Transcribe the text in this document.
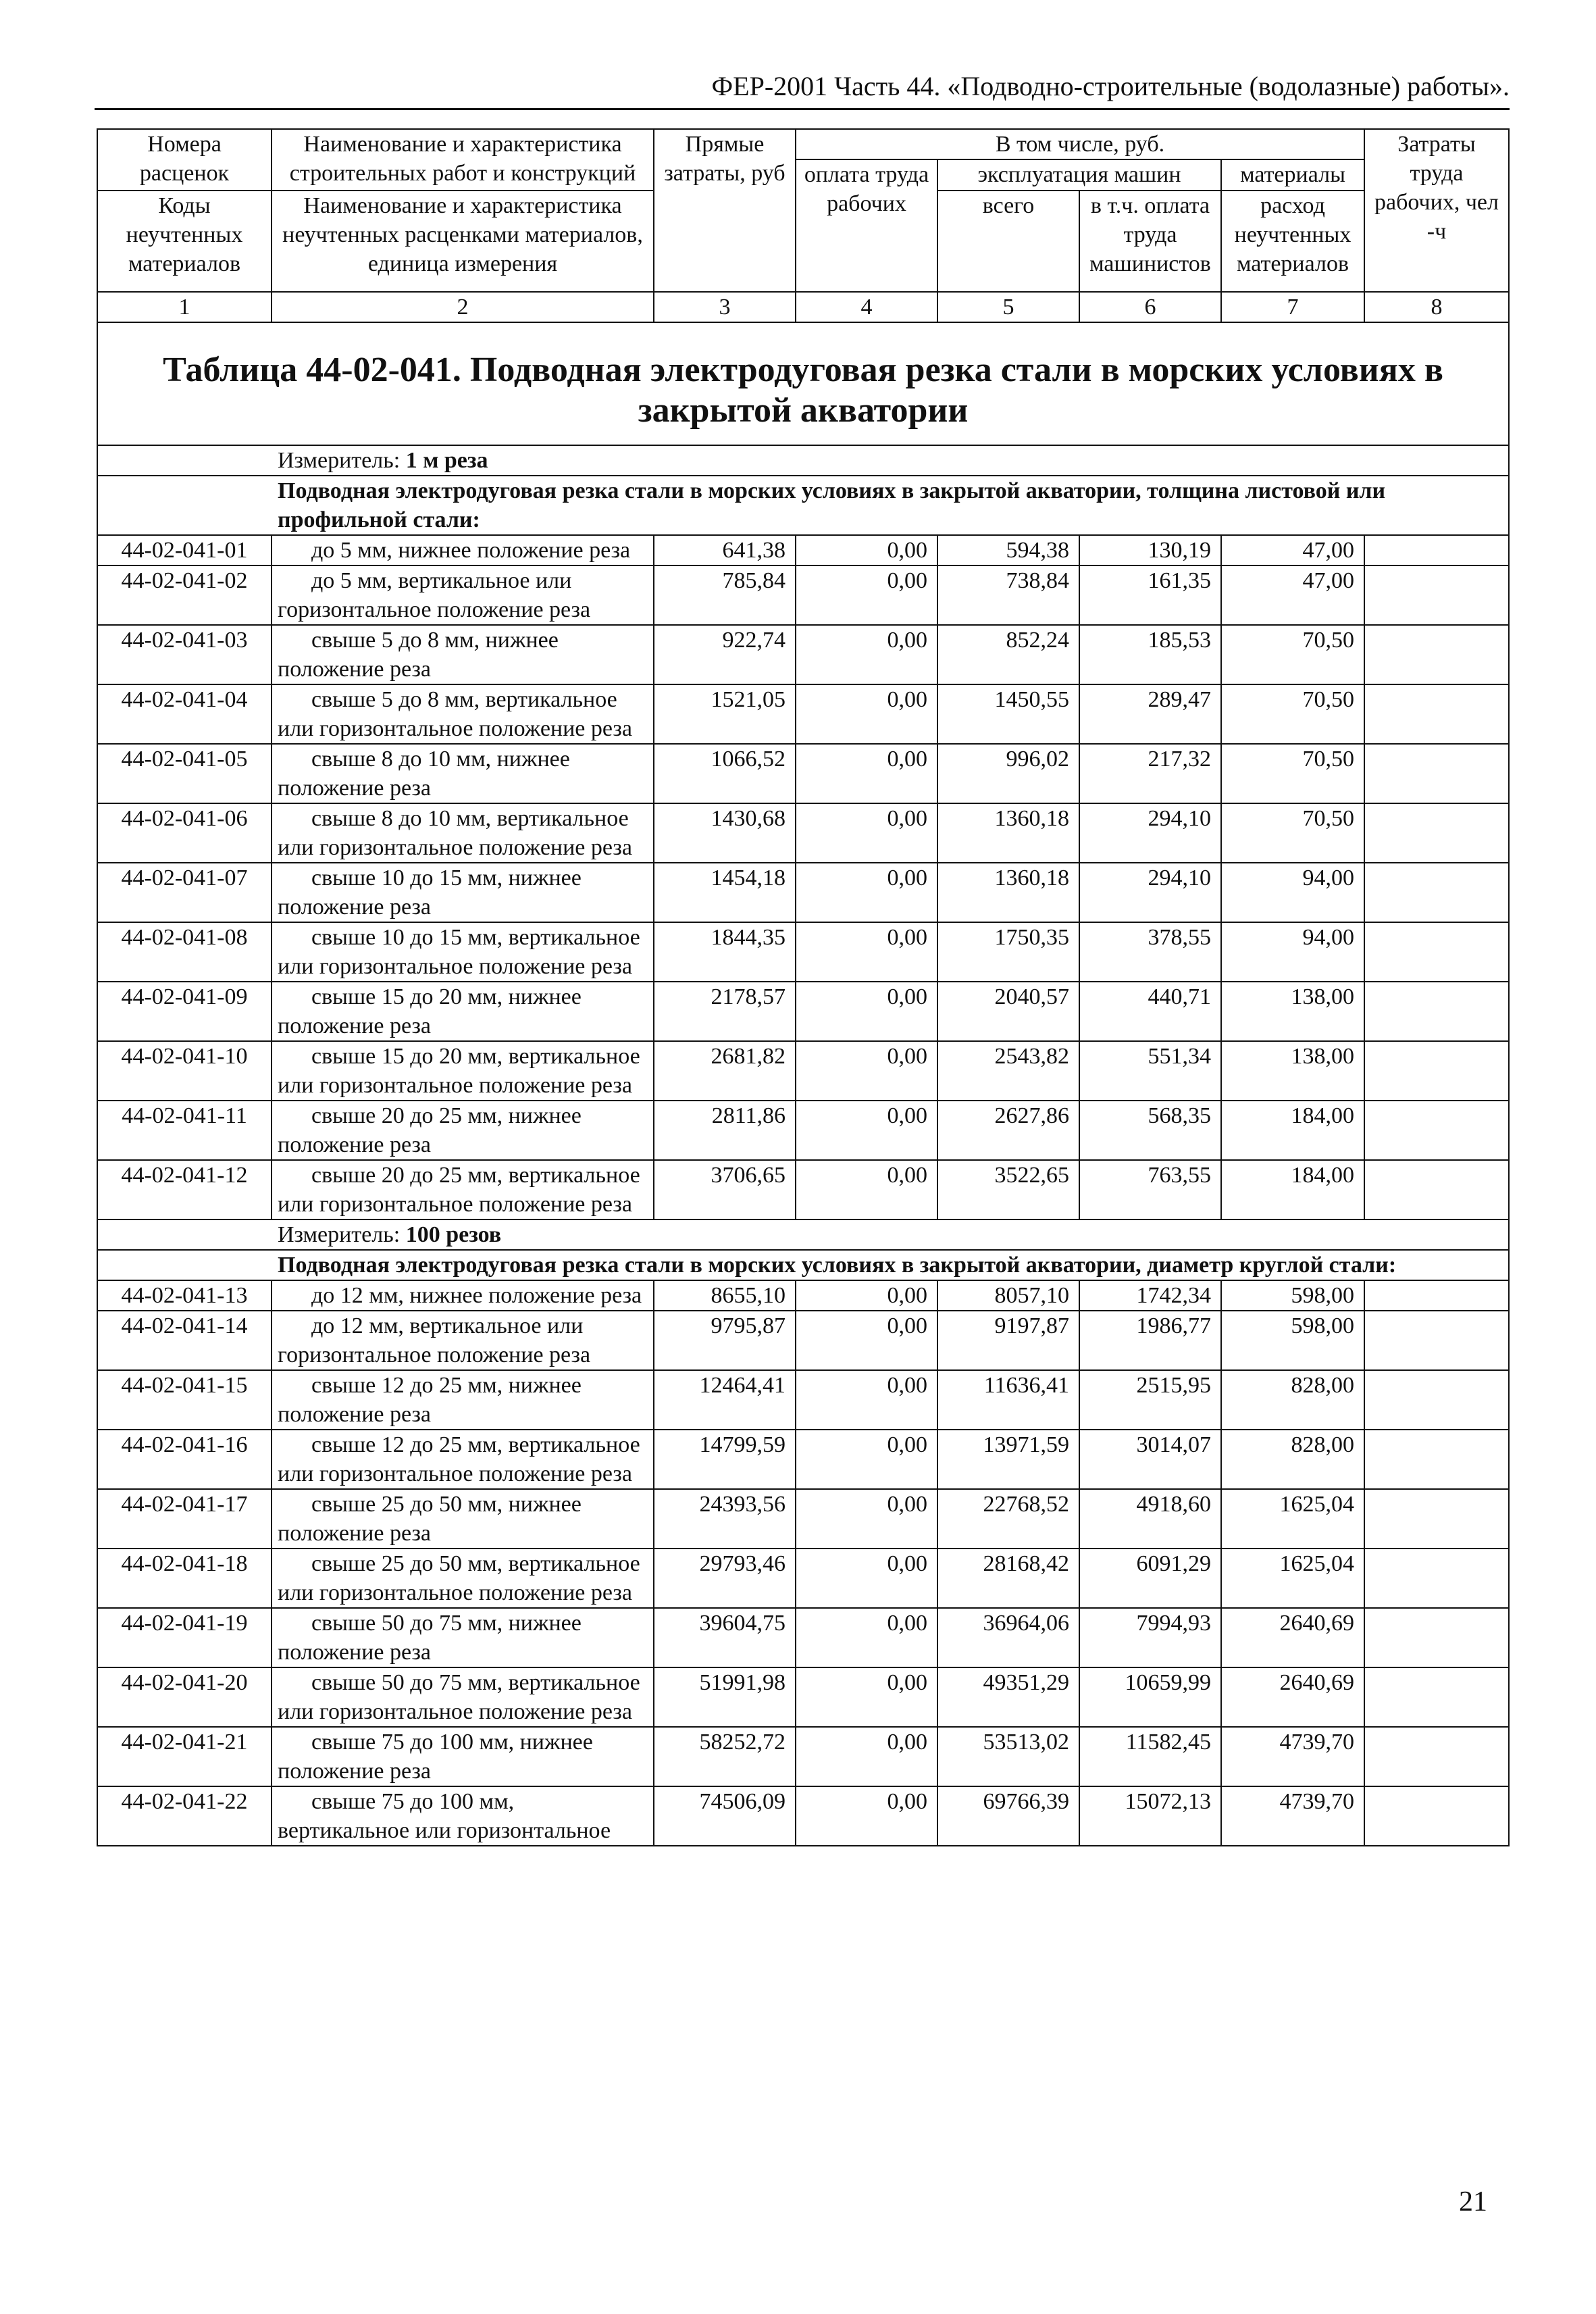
ФЕР-2001 Часть 44. «Подводно-строительные (водолазные) работы».
Номера расценок	Наименование и характеристика строительных работ и конструкций	Прямые затраты, руб	В том числе, руб.				Затраты труда рабочих, чел -ч
			оплата труда рабочих	эксплуатация машин		материалы	
Коды неучтенных материалов	Наименование и характеристика неучтенных расценками материалов, единица измерения			всего	в т.ч. оплата труда машинистов	расход неучтенных материалов	
1	2	3	4	5	6	7	8
Таблица 44-02-041. Подводная электродуговая резка стали в морских условиях в закрытой акватории							
Измеритель: 1 м реза							
Подводная электродуговая резка стали в морских условиях в закрытой акватории, толщина листовой или профильной стали:							
44-02-041-01	до 5 мм, нижнее положение реза	641,38	0,00	594,38	130,19	47,00	
44-02-041-02	до 5 мм, вертикальное или горизонтальное положение реза	785,84	0,00	738,84	161,35	47,00	
44-02-041-03	свыше 5 до 8 мм, нижнее положение реза	922,74	0,00	852,24	185,53	70,50	
44-02-041-04	свыше 5 до 8 мм, вертикальное или горизонтальное положение реза	1521,05	0,00	1450,55	289,47	70,50	
44-02-041-05	свыше 8 до 10 мм, нижнее положение реза	1066,52	0,00	996,02	217,32	70,50	
44-02-041-06	свыше 8 до 10 мм, вертикальное или горизонтальное положение реза	1430,68	0,00	1360,18	294,10	70,50	
44-02-041-07	свыше 10 до 15 мм, нижнее положение реза	1454,18	0,00	1360,18	294,10	94,00	
44-02-041-08	свыше 10 до 15 мм, вертикальное или горизонтальное положение реза	1844,35	0,00	1750,35	378,55	94,00	
44-02-041-09	свыше 15 до 20 мм, нижнее положение реза	2178,57	0,00	2040,57	440,71	138,00	
44-02-041-10	свыше 15 до 20 мм, вертикальное или горизонтальное положение реза	2681,82	0,00	2543,82	551,34	138,00	
44-02-041-11	свыше 20 до 25 мм, нижнее положение реза	2811,86	0,00	2627,86	568,35	184,00	
44-02-041-12	свыше 20 до 25 мм, вертикальное или горизонтальное положение реза	3706,65	0,00	3522,65	763,55	184,00	
Измеритель: 100 резов							
Подводная электродуговая резка стали в морских условиях в закрытой акватории, диаметр круглой стали:							
44-02-041-13	до 12 мм, нижнее положение реза	8655,10	0,00	8057,10	1742,34	598,00	
44-02-041-14	до 12 мм, вертикальное или горизонтальное положение реза	9795,87	0,00	9197,87	1986,77	598,00	
44-02-041-15	свыше 12 до 25 мм, нижнее положение реза	12464,41	0,00	11636,41	2515,95	828,00	
44-02-041-16	свыше 12 до 25 мм, вертикальное или горизонтальное положение реза	14799,59	0,00	13971,59	3014,07	828,00	
44-02-041-17	свыше 25 до 50 мм, нижнее положение реза	24393,56	0,00	22768,52	4918,60	1625,04	
44-02-041-18	свыше 25 до 50 мм, вертикальное или горизонтальное положение реза	29793,46	0,00	28168,42	6091,29	1625,04	
44-02-041-19	свыше 50 до 75 мм, нижнее положение реза	39604,75	0,00	36964,06	7994,93	2640,69	
44-02-041-20	свыше 50 до 75 мм, вертикальное или горизонтальное положение реза	51991,98	0,00	49351,29	10659,99	2640,69	
44-02-041-21	свыше 75 до 100 мм, нижнее положение реза	58252,72	0,00	53513,02	11582,45	4739,70	
44-02-041-22	свыше 75 до 100 мм, вертикальное или горизонтальное	74506,09	0,00	69766,39	15072,13	4739,70	
21
